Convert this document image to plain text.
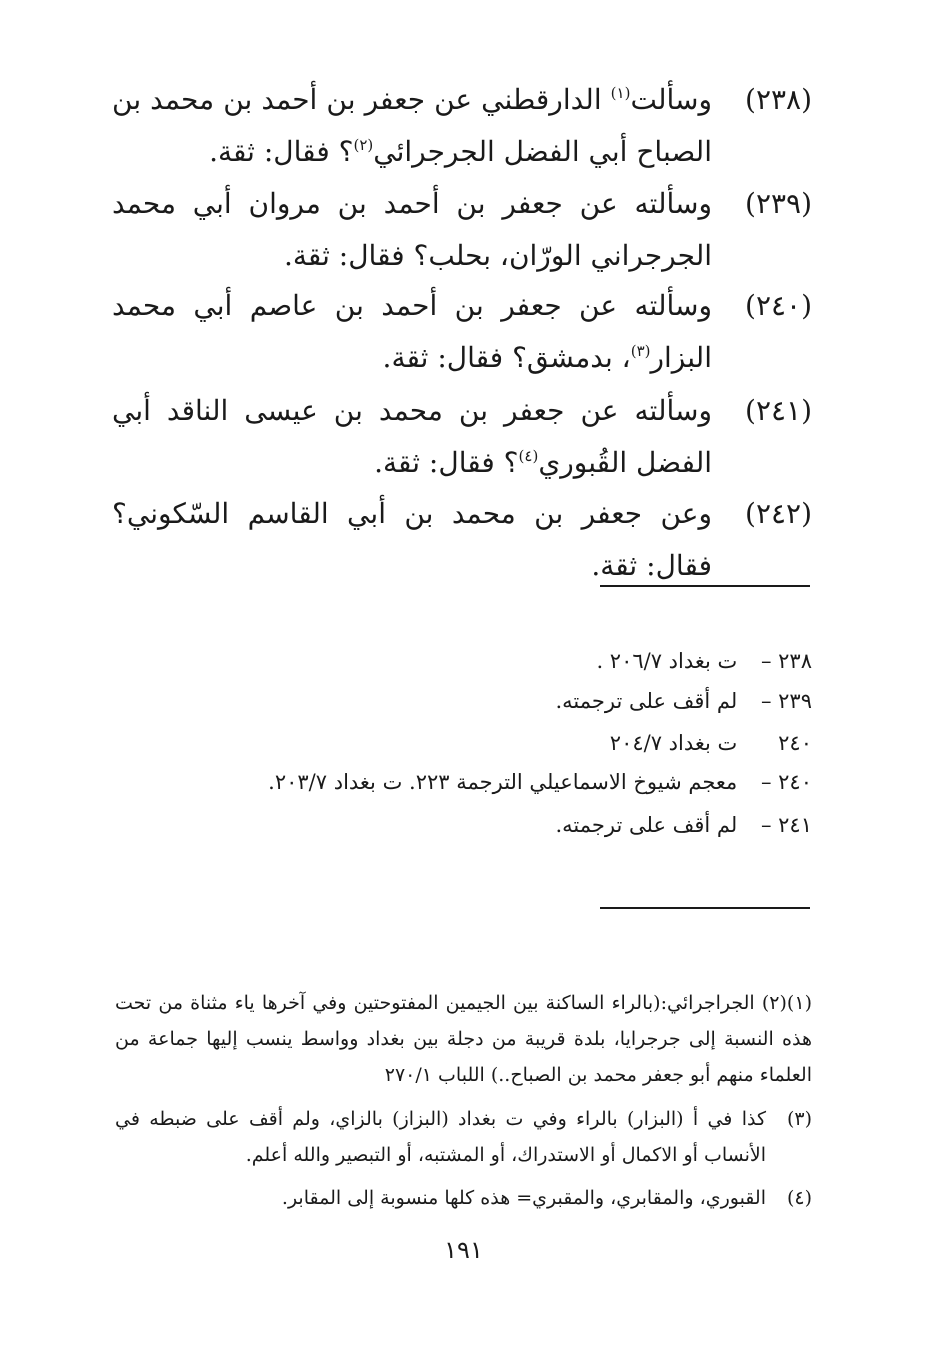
(٢٣٨)
وسألت$^{(١)}$ الدارقطني عن جعفر بن أحمد بن محمد بن الصباح أبي الفضل الجرجرائي$^{(٢)}$؟ فقال: ثقة.
(٢٣٩)
وسألته عن جعفر بن أحمد بن مروان أبي محمد الجرجراني الورّان، بحلب؟ فقال: ثقة.
(٢٤٠)
وسألته عن جعفر بن أحمد بن عاصم أبي محمد البزار$^{(٣)}$، بدمشق؟ فقال: ثقة.
(٢٤١)
وسألته عن جعفر بن محمد بن عيسى الناقد أبي الفضل القُبوري$^{(٤)}$؟ فقال: ثقة.
(٢٤٢)
وعن جعفر بن محمد بن أبي القاسم السّكوني؟ فقال: ثقة.
٢٣٨ – ت بغداد ٢٠٦/٧ .
٢٣٩ – لم أقف على ترجمته.
٢٤٠ ت بغداد ٢٠٤/٧
٢٤٠ – معجم شيوخ الاسماعيلي الترجمة ٢٢٣. ت بغداد ٢٠٣/٧.
٢٤١ – لم أقف على ترجمته.
(١)(٢) الجراجرائي:(بالراء الساكنة بين الجيمين المفتوحتين وفي آخرها ياء مثناة من تحت هذه النسبة إلى جرجرايا، بلدة قريبة من دجلة بين بغداد وواسط ينسب إليها جماعة من العلماء منهم أبو جعفر محمد بن الصباح..) اللباب ٢٧٠/١
(٣)
كذا في أ (البزار) بالراء وفي ت بغداد (البزاز) بالزاي، ولم أقف على ضبطه في الأنساب أو الاكمال أو الاستدراك، أو المشتبه، أو التبصير والله أعلم.
(٤)
القبوري، والمقابري، والمقبري= هذه كلها منسوبة إلى المقابر.
١٩١
